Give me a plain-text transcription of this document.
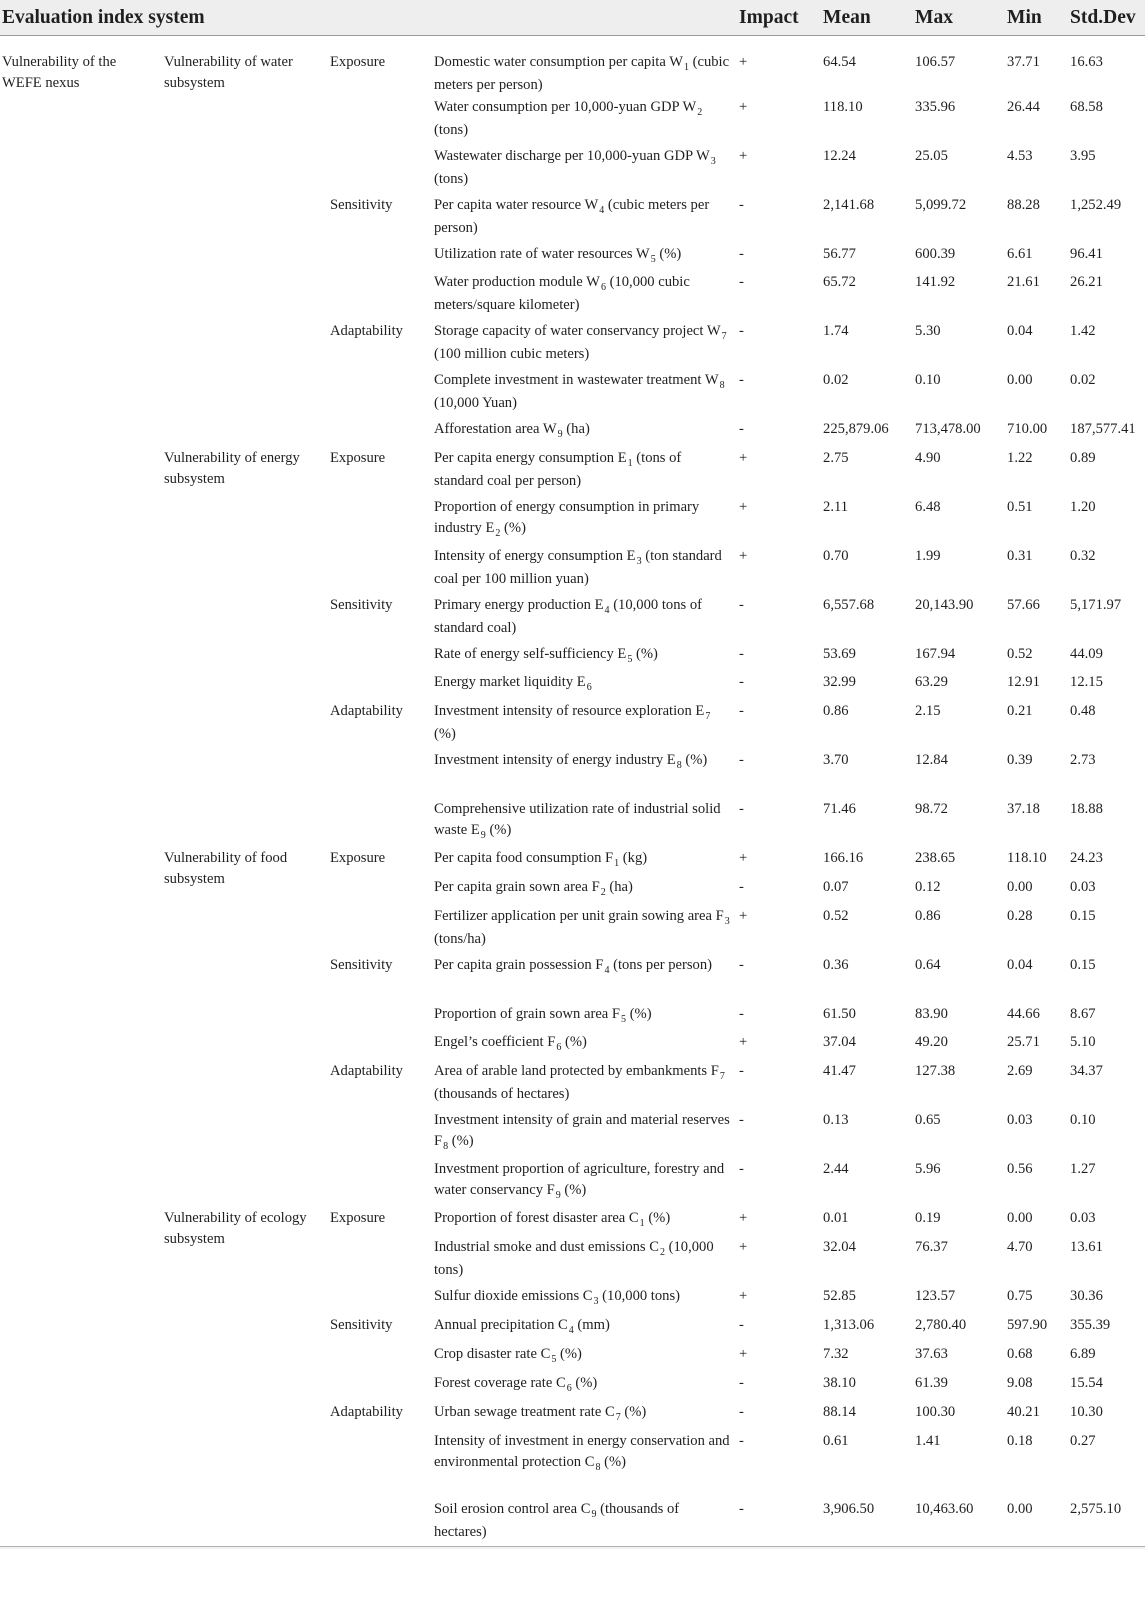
Evaluation index system				Impact	Mean	Max	Min	Std.Dev
Vulnerability of the WEFE nexus	Vulnerability of water subsystem	Exposure	Domestic water consumption per capita $W_1$ (cubic meters per person)	+	64.54	106.57	37.71	16.63
			Water consumption per 10,000-yuan GDP $W_2$ (tons)	+	118.10	335.96	26.44	68.58
			Wastewater discharge per 10,000-yuan GDP $W_3$ (tons)	+	12.24	25.05	4.53	3.95
		Sensitivity	Per capita water resource $W_4$ (cubic meters per person)	-	2,141.68	5,099.72	88.28	1,252.49
			Utilization rate of water resources $W_5$ (%)	-	56.77	600.39	6.61	96.41
			Water production module $W_6$ (10,000 cubic meters/square kilometer)	-	65.72	141.92	21.61	26.21
		Adaptability	Storage capacity of water conservancy project $W_7$ (100 million cubic meters)	-	1.74	5.30	0.04	1.42
			Complete investment in wastewater treatment $W_8$ (10,000 Yuan)	-	0.02	0.10	0.00	0.02
			Afforestation area $W_9$ (ha)	-	225,879.06	713,478.00	710.00	187,577.41
	Vulnerability of energy subsystem	Exposure	Per capita energy consumption $E_1$ (tons of standard coal per person)	+	2.75	4.90	1.22	0.89
			Proportion of energy consumption in primary industry $E_2$ (%)	+	2.11	6.48	0.51	1.20
			Intensity of energy consumption $E_3$ (ton standard coal per 100 million yuan)	+	0.70	1.99	0.31	0.32
		Sensitivity	Primary energy production $E_4$ (10,000 tons of standard coal)	-	6,557.68	20,143.90	57.66	5,171.97
			Rate of energy self-sufficiency $E_5$ (%)	-	53.69	167.94	0.52	44.09
			Energy market liquidity $E_6$	-	32.99	63.29	12.91	12.15
		Adaptability	Investment intensity of resource exploration $E_7$ (%)	-	0.86	2.15	0.21	0.48
			Investment intensity of energy industry $E_8$ (%)	-	3.70	12.84	0.39	2.73
			Comprehensive utilization rate of industrial solid waste $E_9$ (%)	-	71.46	98.72	37.18	18.88
	Vulnerability of food subsystem	Exposure	Per capita food consumption $F_1$ (kg)	+	166.16	238.65	118.10	24.23
			Per capita grain sown area $F_2$ (ha)	-	0.07	0.12	0.00	0.03
			Fertilizer application per unit grain sowing area $F_3$ (tons/ha)	+	0.52	0.86	0.28	0.15
		Sensitivity	Per capita grain possession $F_4$ (tons per person)	-	0.36	0.64	0.04	0.15
			Proportion of grain sown area $F_5$ (%)	-	61.50	83.90	44.66	8.67
			Engel’s coefficient $F_6$ (%)	+	37.04	49.20	25.71	5.10
		Adaptability	Area of arable land protected by embankments $F_7$ (thousands of hectares)	-	41.47	127.38	2.69	34.37
			Investment intensity of grain and material reserves $F_8$ (%)	-	0.13	0.65	0.03	0.10
			Investment proportion of agriculture, forestry and water conservancy $F_9$ (%)	-	2.44	5.96	0.56	1.27
	Vulnerability of ecology subsystem	Exposure	Proportion of forest disaster area $C_1$ (%)	+	0.01	0.19	0.00	0.03
			Industrial smoke and dust emissions $C_2$ (10,000 tons)	+	32.04	76.37	4.70	13.61
			Sulfur dioxide emissions $C_3$ (10,000 tons)	+	52.85	123.57	0.75	30.36
		Sensitivity	Annual precipitation $C_4$ (mm)	-	1,313.06	2,780.40	597.90	355.39
			Crop disaster rate $C_5$ (%)	+	7.32	37.63	0.68	6.89
			Forest coverage rate $C_6$ (%)	-	38.10	61.39	9.08	15.54
		Adaptability	Urban sewage treatment rate $C_7$ (%)	-	88.14	100.30	40.21	10.30
			Intensity of investment in energy conservation and environmental protection $C_8$ (%)	-	0.61	1.41	0.18	0.27
			Soil erosion control area $C_9$ (thousands of hectares)	-	3,906.50	10,463.60	0.00	2,575.10
